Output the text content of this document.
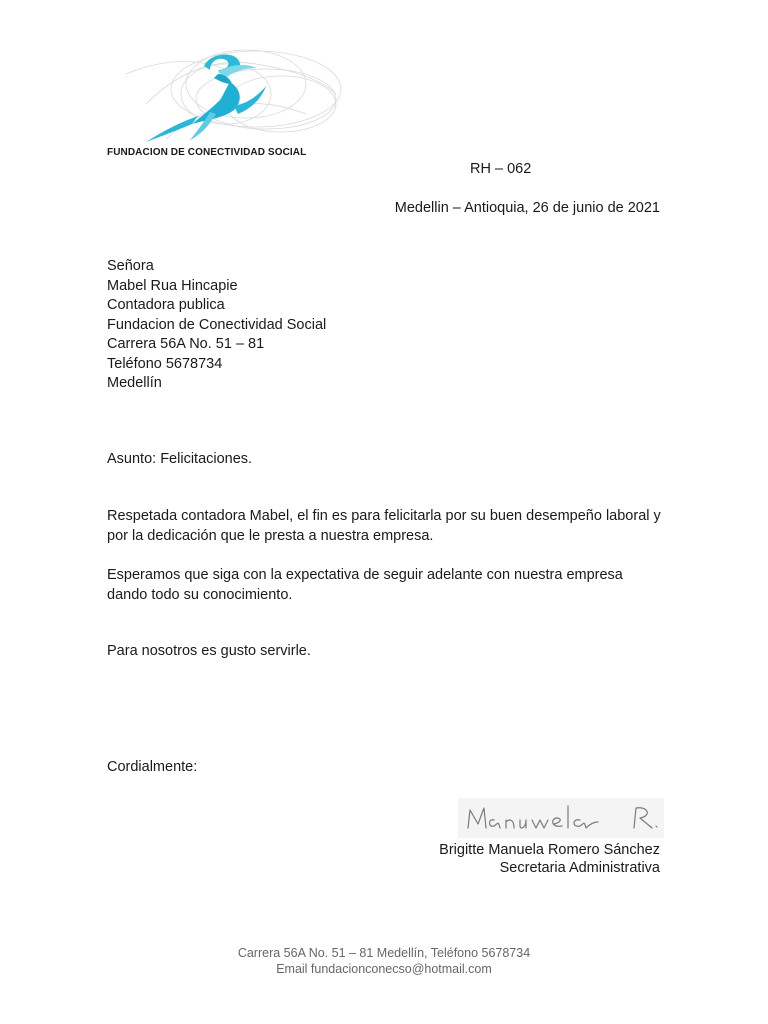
FUNDACION DE CONECTIVIDAD SOCIAL
RH – 062
Medellin – Antioquia, 26 de junio de 2021
Señora
Mabel Rua Hincapie
Contadora publica
Fundacion de Conectividad Social
Carrera 56A No. 51 – 81
Teléfono 5678734
Medellín
Asunto: Felicitaciones.
Respetada contadora Mabel, el fin es para felicitarla por su buen desempeño laboral y por la dedicación que le presta a nuestra empresa.
Esperamos que siga con la expectativa de seguir adelante con nuestra empresa dando todo su conocimiento.
Para nosotros es gusto servirle.
Cordialmente:
Brigitte Manuela Romero Sánchez
Secretaria Administrativa
Carrera 56A No. 51 – 81 Medellín, Teléfono 5678734
Email fundacionconecso@hotmail.com
